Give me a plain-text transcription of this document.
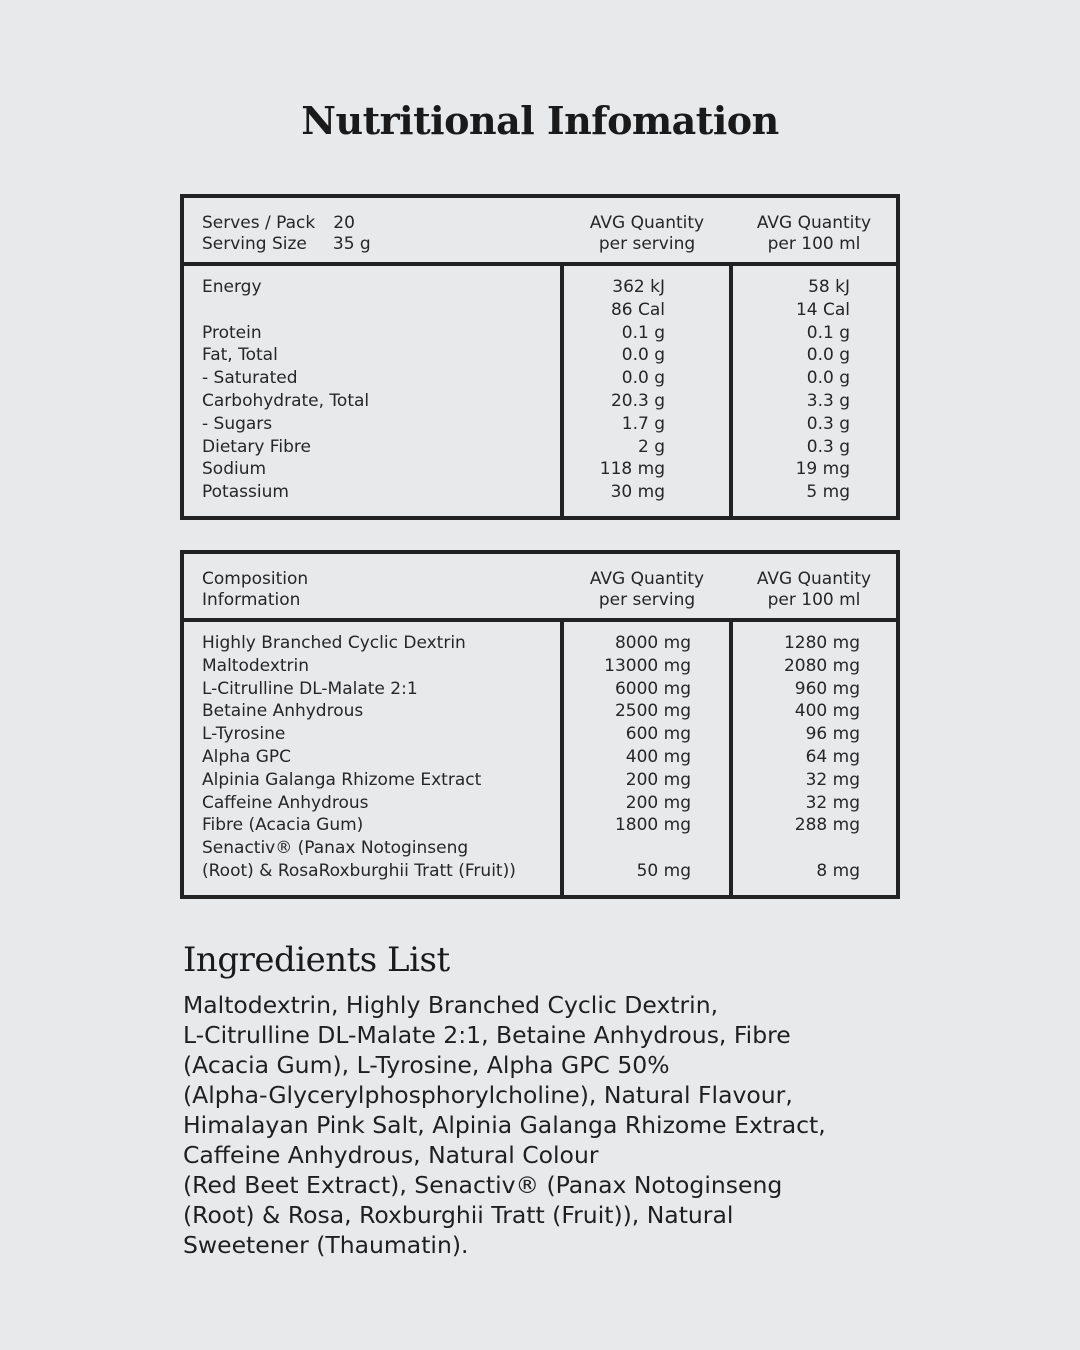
Nutritional Infomation
Serves / Pack 20
Serving Size 35 g
AVG Quantity
per serving
AVG Quantity
per 100 ml
Energy
Protein
Fat, Total
- Saturated
Carbohydrate, Total
- Sugars
Dietary Fibre
Sodium
Potassium
362 kJ
86 Cal
0.1 g
0.0 g
0.0 g
20.3 g
1.7 g
2 g
118 mg
30 mg
58 kJ
14 Cal
0.1 g
0.0 g
0.0 g
3.3 g
0.3 g
0.3 g
19 mg
5 mg
Composition
Information
AVG Quantity
per serving
AVG Quantity
per 100 ml
Highly Branched Cyclic Dextrin
Maltodextrin
L-Citrulline DL-Malate 2:1
Betaine Anhydrous
L-Tyrosine
Alpha GPC
Alpinia Galanga Rhizome Extract
Caffeine Anhydrous
Fibre (Acacia Gum)
Senactiv® (Panax Notoginseng
(Root) & RosaRoxburghii Tratt (Fruit))
8000 mg
13000 mg
6000 mg
2500 mg
600 mg
400 mg
200 mg
200 mg
1800 mg
50 mg
1280 mg
2080 mg
960 mg
400 mg
96 mg
64 mg
32 mg
32 mg
288 mg
8 mg
Ingredients List
Maltodextrin, Highly Branched Cyclic Dextrin,
L-Citrulline DL-Malate 2:1, Betaine Anhydrous, Fibre
(Acacia Gum), L-Tyrosine, Alpha GPC 50%
(Alpha-Glycerylphosphorylcholine), Natural Flavour,
Himalayan Pink Salt, Alpinia Galanga Rhizome Extract,
Caffeine Anhydrous, Natural Colour
(Red Beet Extract), Senactiv® (Panax Notoginseng
(Root) & Rosa, Roxburghii Tratt (Fruit)), Natural
Sweetener (Thaumatin).
